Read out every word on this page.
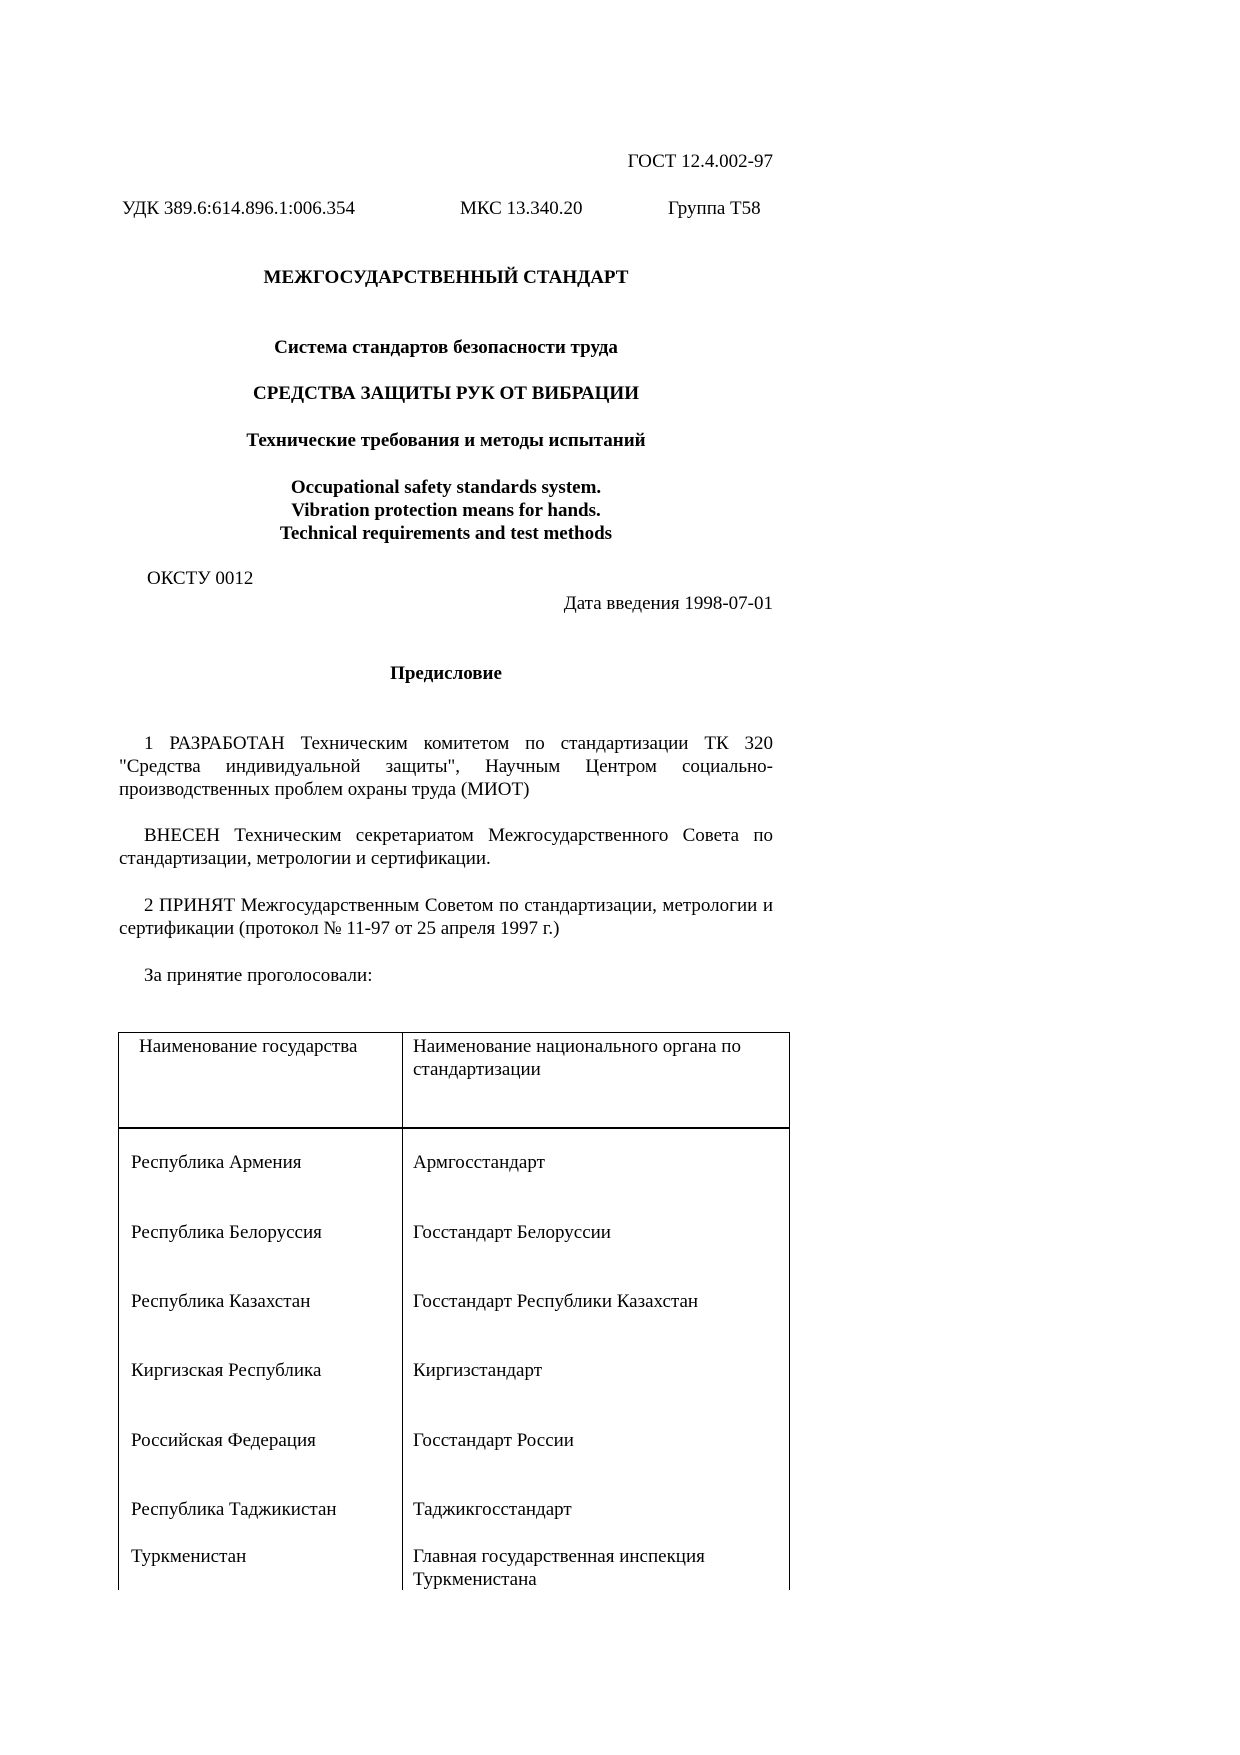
ГОСТ 12.4.002-97
УДК 389.6:614.896.1:006.354	МКС 13.340.20	Группа Т58
МЕЖГОСУДАРСТВЕННЫЙ СТАНДАРТ
Система стандартов безопасности труда
СРЕДСТВА ЗАЩИТЫ РУК ОТ ВИБРАЦИИ
Технические требования и методы испытаний
Occupational safety standards system.
Vibration protection means for hands.
Technical requirements and test methods
ОКСТУ 0012
Дата введения 1998-07-01
Предисловие
1 РАЗРАБОТАН Техническим комитетом по стандартизации ТК 320 "Средства индивидуальной защиты", Научным Центром социально-производственных проблем охраны труда (МИОТ)
ВНЕСЕН Техническим секретариатом Межгосударственного Совета по стандартизации, метрологии и сертификации.
2 ПРИНЯТ Межгосударственным Советом по стандартизации, метрологии и сертификации (протокол № 11-97 от 25 апреля 1997 г.)
За принятие проголосовали:
Наименование государства	Наименование национального органа по стандартизации
Республика Армения	Армгосстандарт
Республика Белоруссия	Госстандарт Белоруссии
Республика Казахстан	Госстандарт Республики Казахстан
Киргизская Республика	Киргизстандарт
Российская Федерация	Госстандарт России
Республика Таджикистан	Таджикгосстандарт
Туркменистан	Главная государственная инспекция Туркменистана
